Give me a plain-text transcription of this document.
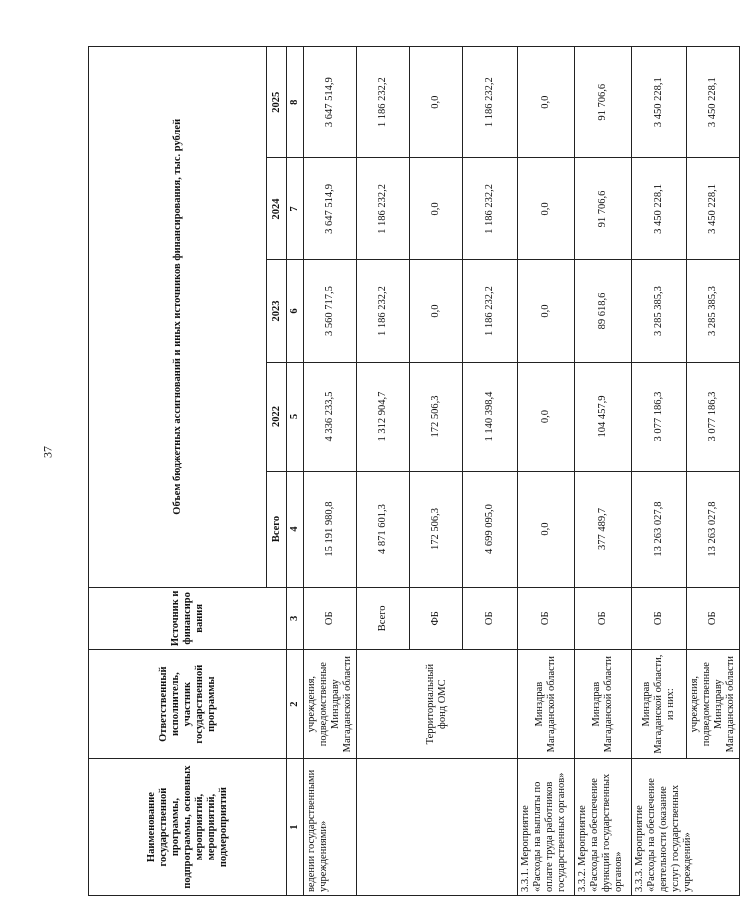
37
Наименование государственной программы, подпрограммы, основных мероприятий, мероприятий, подмероприятий	Ответственный исполнитель, участник государственной программы	Источник и финансиро вания	Объем бюджетных ассигнований и иных источников финансирования, тыс. рублей				
			Всего	2022	2023	2024	2025
1	2	3	4	5	6	7	8
ведении государственными учреждениями»	учреждения, подведомственные Минздраву Магаданской области	ОБ	15 191 980,8	4 336 233,5	3 560 717,5	3 647 514,9	3 647 514,9
	Территориальный фонд ОМС	Всего	4 871 601,3	1 312 904,7	1 186 232,2	1 186 232,2	1 186 232,2
		ФБ	172 506,3	172 506,3	0,0	0,0	0,0
		ОБ	4 699 095,0	1 140 398,4	1 186 232,2	1 186 232,2	1 186 232,2
3.3.1. Мероприятие «Расходы на выплаты по оплате труда работников государственных органов»	Минздрав Магаданской области	ОБ	0,0	0,0	0,0	0,0	0,0
3.3.2. Мероприятие «Расходы на обеспечение функций государственных органов»	Минздрав Магаданской области	ОБ	377 489,7	104 457,9	89 618,6	91 706,6	91 706,6
3.3.3. Мероприятие «Расходы на обеспечение деятельности (оказание услуг) государственных учреждений»	Минздрав Магаданской области, из них:	ОБ	13 263 027,8	3 077 186,3	3 285 385,3	3 450 228,1	3 450 228,1
	учреждения, подведомственные Минздраву Магаданской области	ОБ	13 263 027,8	3 077 186,3	3 285 385,3	3 450 228,1	3 450 228,1
